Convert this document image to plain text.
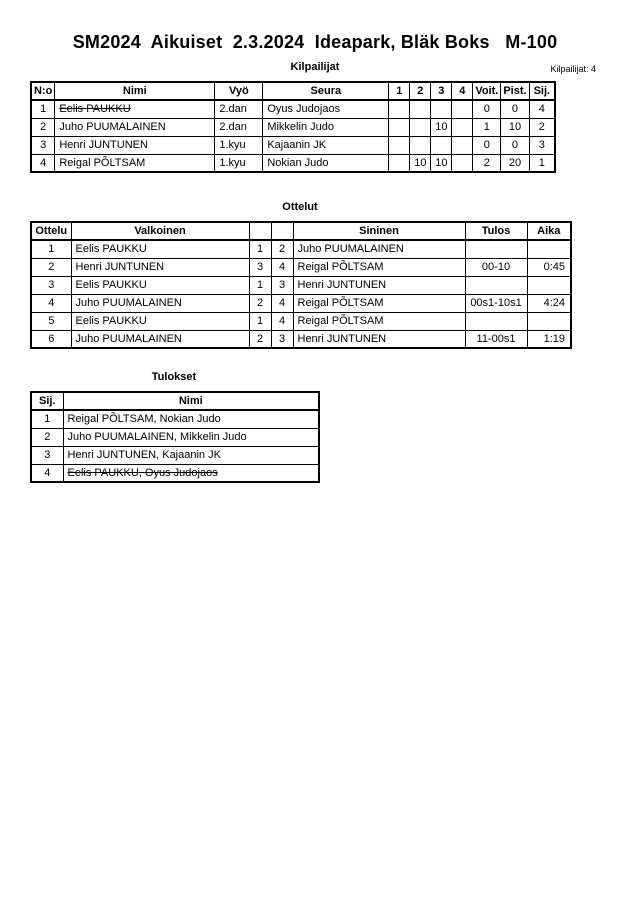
SM2024  Aikuiset  2.3.2024  Ideapark, Bläk Boks   M-100
Kilpailijat	Kilpailijat: 4
N:o	Nimi	Vyö	Seura	1	2	3	4	Voit.	Pist.	Sij.
1	Eelis PAUKKU	2.dan	Oyus Judojaos					0	0	4
2	Juho PUUMALAINEN	2.dan	Mikkelin Judo			10		1	10	2
3	Henri JUNTUNEN	1.kyu	Kajaanin JK					0	0	3
4	Reigal PÕLTSAM	1.kyu	Nokian Judo		10	10		2	20	1
Ottelut
Ottelu	Valkoinen			Sininen	Tulos	Aika
1	Eelis PAUKKU	1	2	Juho PUUMALAINEN		
2	Henri JUNTUNEN	3	4	Reigal PÕLTSAM	00-10	0:45
3	Eelis PAUKKU	1	3	Henri JUNTUNEN		
4	Juho PUUMALAINEN	2	4	Reigal PÕLTSAM	00s1-10s1	4:24
5	Eelis PAUKKU	1	4	Reigal PÕLTSAM		
6	Juho PUUMALAINEN	2	3	Henri JUNTUNEN	11-00s1	1:19
Tulokset
Sij.	Nimi
1	Reigal PÕLTSAM, Nokian Judo
2	Juho PUUMALAINEN, Mikkelin Judo
3	Henri JUNTUNEN, Kajaanin JK
4	Eelis PAUKKU, Oyus Judojaos
